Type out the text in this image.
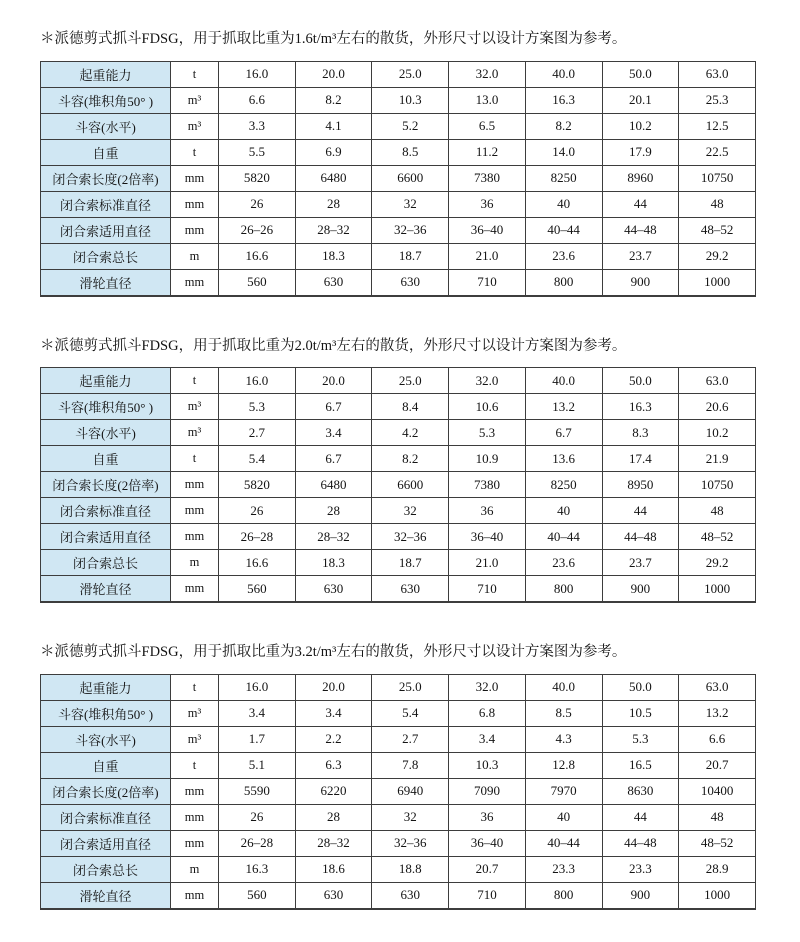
＊派德剪式抓斗FDSG，用于抓取比重为1.6t/m³左右的散货，外形尺寸以设计方案图为参考。

起重能力	t	16.0	20.0	25.0	32.0	40.0	50.0	63.0
斗容(堆积角50° )	m³	6.6	8.2	10.3	13.0	16.3	20.1	25.3
斗容(水平)	m³	3.3	4.1	5.2	6.5	8.2	10.2	12.5
自重	t	5.5	6.9	8.5	11.2	14.0	17.9	22.5
闭合索长度(2倍率)	mm	5820	6480	6600	7380	8250	8960	10750
闭合索标准直径	mm	26	28	32	36	40	44	48
闭合索适用直径	mm	26–26	28–32	32–36	36–40	40–44	44–48	48–52
闭合索总长	m	16.6	18.3	18.7	21.0	23.6	23.7	29.2
滑轮直径	mm	560	630	630	710	800	900	1000

＊派德剪式抓斗FDSG，用于抓取比重为2.0t/m³左右的散货，外形尺寸以设计方案图为参考。

起重能力	t	16.0	20.0	25.0	32.0	40.0	50.0	63.0
斗容(堆积角50° )	m³	5.3	6.7	8.4	10.6	13.2	16.3	20.6
斗容(水平)	m³	2.7	3.4	4.2	5.3	6.7	8.3	10.2
自重	t	5.4	6.7	8.2	10.9	13.6	17.4	21.9
闭合索长度(2倍率)	mm	5820	6480	6600	7380	8250	8950	10750
闭合索标准直径	mm	26	28	32	36	40	44	48
闭合索适用直径	mm	26–28	28–32	32–36	36–40	40–44	44–48	48–52
闭合索总长	m	16.6	18.3	18.7	21.0	23.6	23.7	29.2
滑轮直径	mm	560	630	630	710	800	900	1000

＊派德剪式抓斗FDSG，用于抓取比重为3.2t/m³左右的散货，外形尺寸以设计方案图为参考。

起重能力	t	16.0	20.0	25.0	32.0	40.0	50.0	63.0
斗容(堆积角50° )	m³	3.4	3.4	5.4	6.8	8.5	10.5	13.2
斗容(水平)	m³	1.7	2.2	2.7	3.4	4.3	5.3	6.6
自重	t	5.1	6.3	7.8	10.3	12.8	16.5	20.7
闭合索长度(2倍率)	mm	5590	6220	6940	7090	7970	8630	10400
闭合索标准直径	mm	26	28	32	36	40	44	48
闭合索适用直径	mm	26–28	28–32	32–36	36–40	40–44	44–48	48–52
闭合索总长	m	16.3	18.6	18.8	20.7	23.3	23.3	28.9
滑轮直径	mm	560	630	630	710	800	900	1000
